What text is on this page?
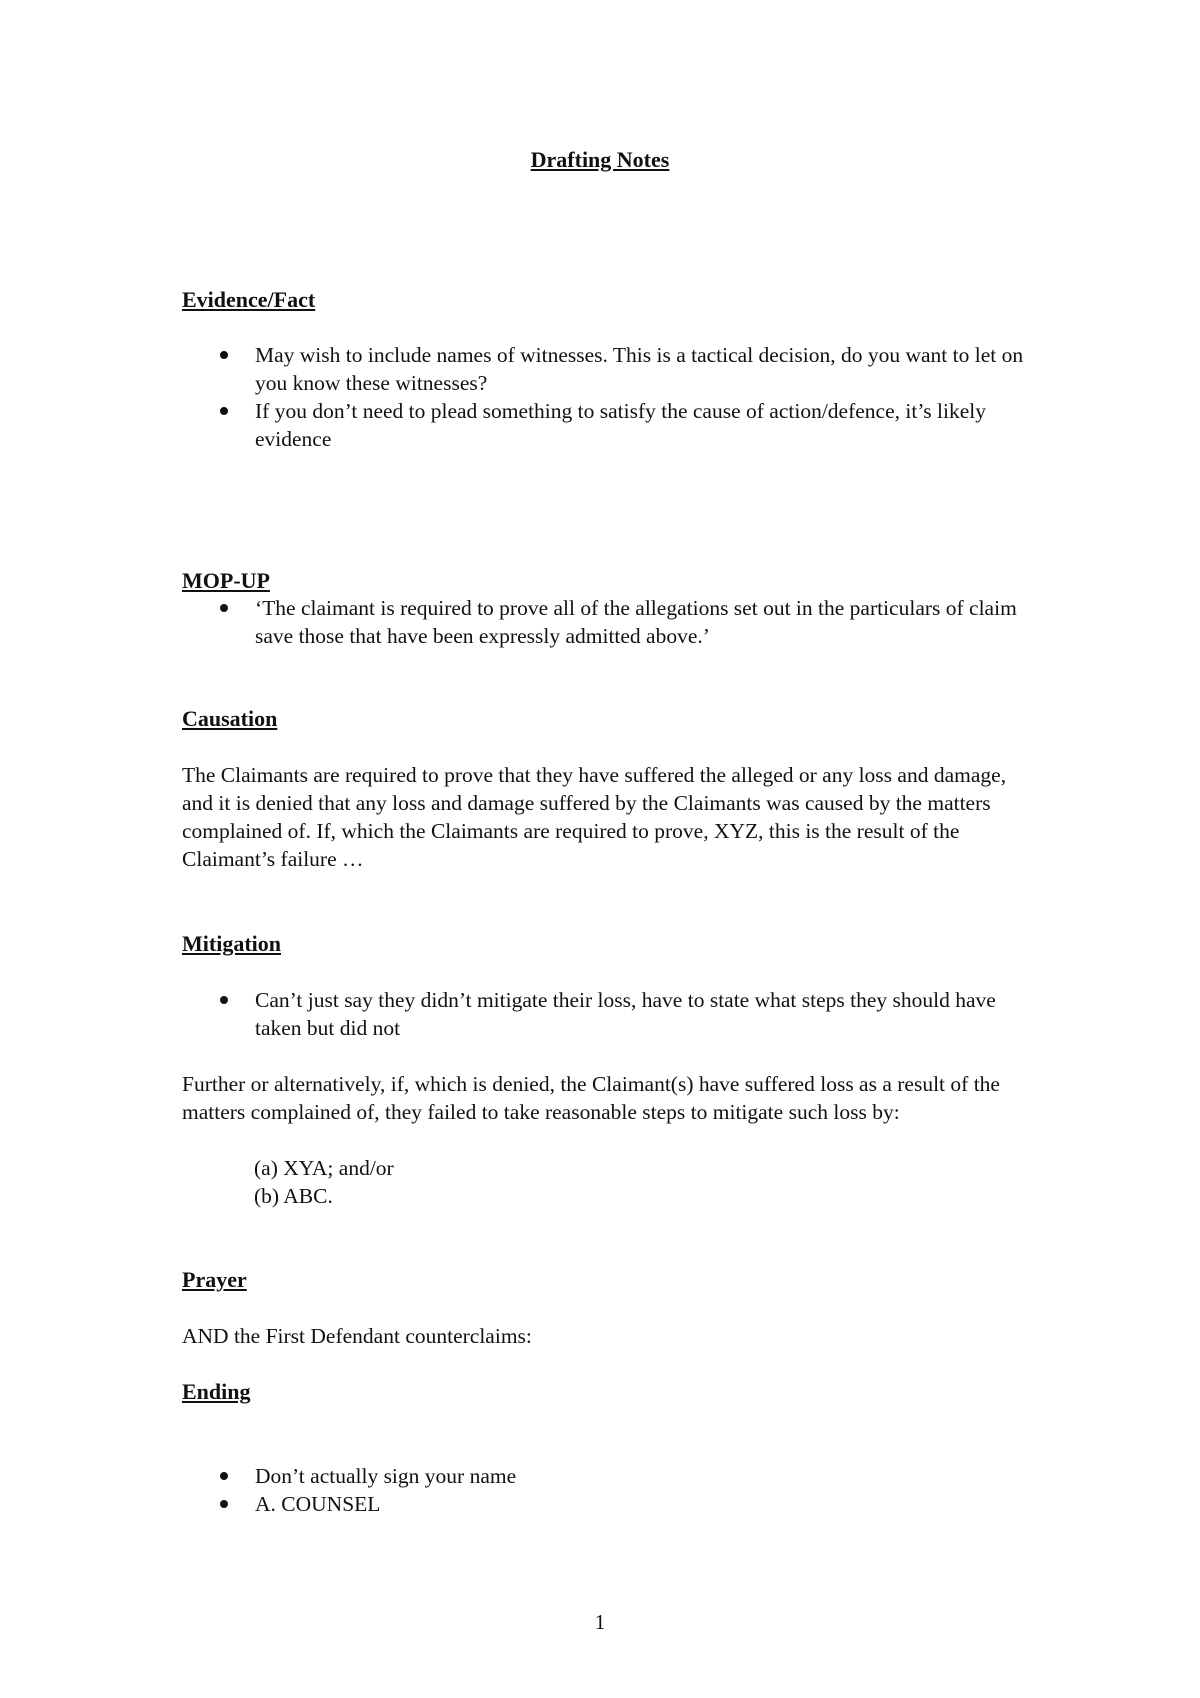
Drafting Notes
Evidence/Fact
May wish to include names of witnesses. This is a tactical decision, do you want to let on you know these witnesses?
If you don’t need to plead something to satisfy the cause of action/defence, it’s likely evidence
MOP-UP
‘The claimant is required to prove all of the allegations set out in the particulars of claim save those that have been expressly admitted above.’
Causation
The Claimants are required to prove that they have suffered the alleged or any loss and damage, and it is denied that any loss and damage suffered by the Claimants was caused by the matters complained of. If, which the Claimants are required to prove, XYZ, this is the result of the Claimant’s failure …
Mitigation
Can’t just say they didn’t mitigate their loss, have to state what steps they should have taken but did not
Further or alternatively, if, which is denied, the Claimant(s) have suffered loss as a result of the matters complained of, they failed to take reasonable steps to mitigate such loss by:
(a) XYA; and/or
(b) ABC.
Prayer
AND the First Defendant counterclaims:
Ending
Don’t actually sign your name
A. COUNSEL
1
